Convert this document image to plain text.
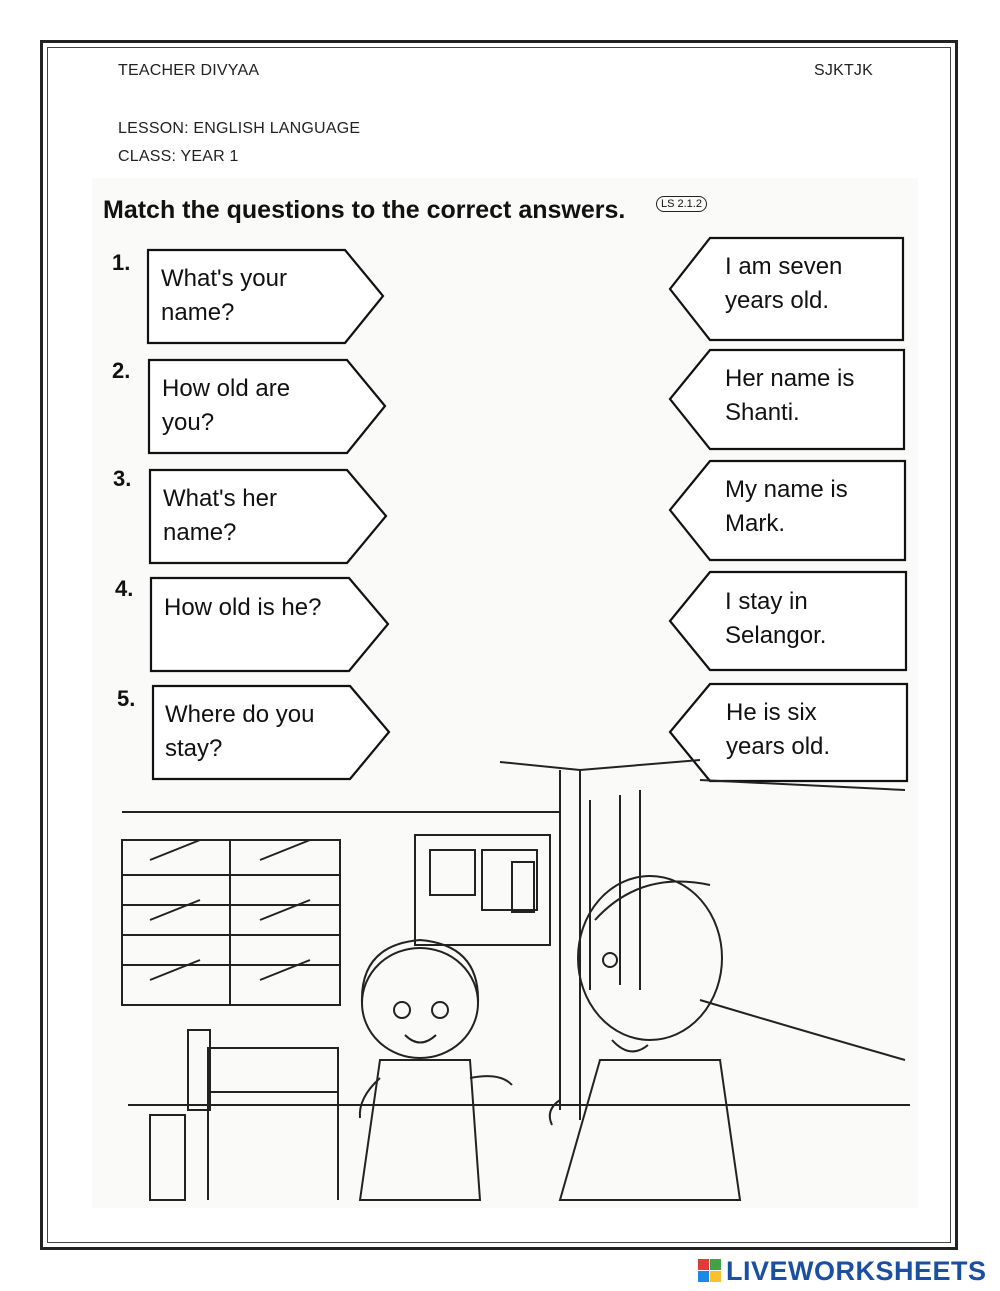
TEACHER DIVYAA	SJKTJK
LESSON: ENGLISH LANGUAGE
CLASS: YEAR 1
Match the questions to the correct answers.	LS 2.1.2
1.
2.
3.
4.
5.
What's your
name?
How old are
you?
What's her
name?
How old is he?
Where do you
stay?
I am seven
years old.
Her name is
Shanti.
My name is
Mark.
I stay in
Selangor.
He is six
years old.
LIVEWORKSHEETS
